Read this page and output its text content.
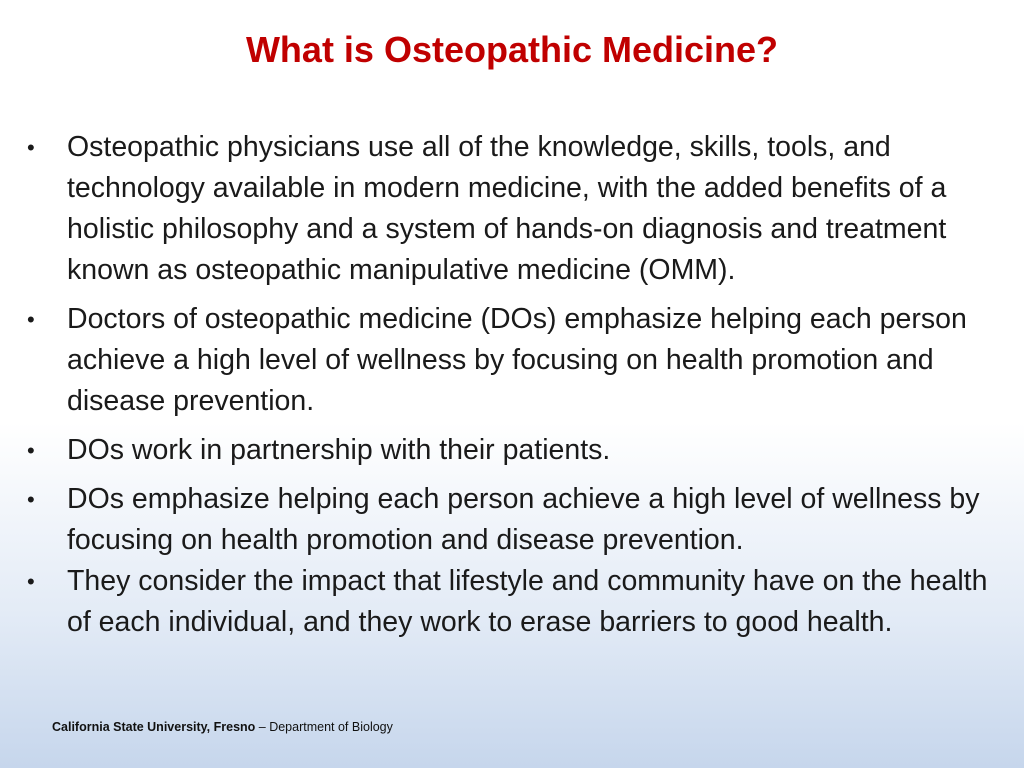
What is Osteopathic Medicine?
• Osteopathic physicians use all of the knowledge, skills, tools, and technology available in modern medicine, with the added benefits of a holistic philosophy and a system of hands-on diagnosis and treatment known as osteopathic manipulative medicine (OMM).
• Doctors of osteopathic medicine (DOs) emphasize helping each person achieve a high level of wellness by focusing on health promotion and disease prevention.
• DOs work in partnership with their patients.
• DOs emphasize helping each person achieve a high level of wellness by focusing on health promotion and disease prevention.
• They consider the impact that lifestyle and community have on the health of each individual, and they work to erase barriers to good health.
California State University, Fresno – Department of Biology
